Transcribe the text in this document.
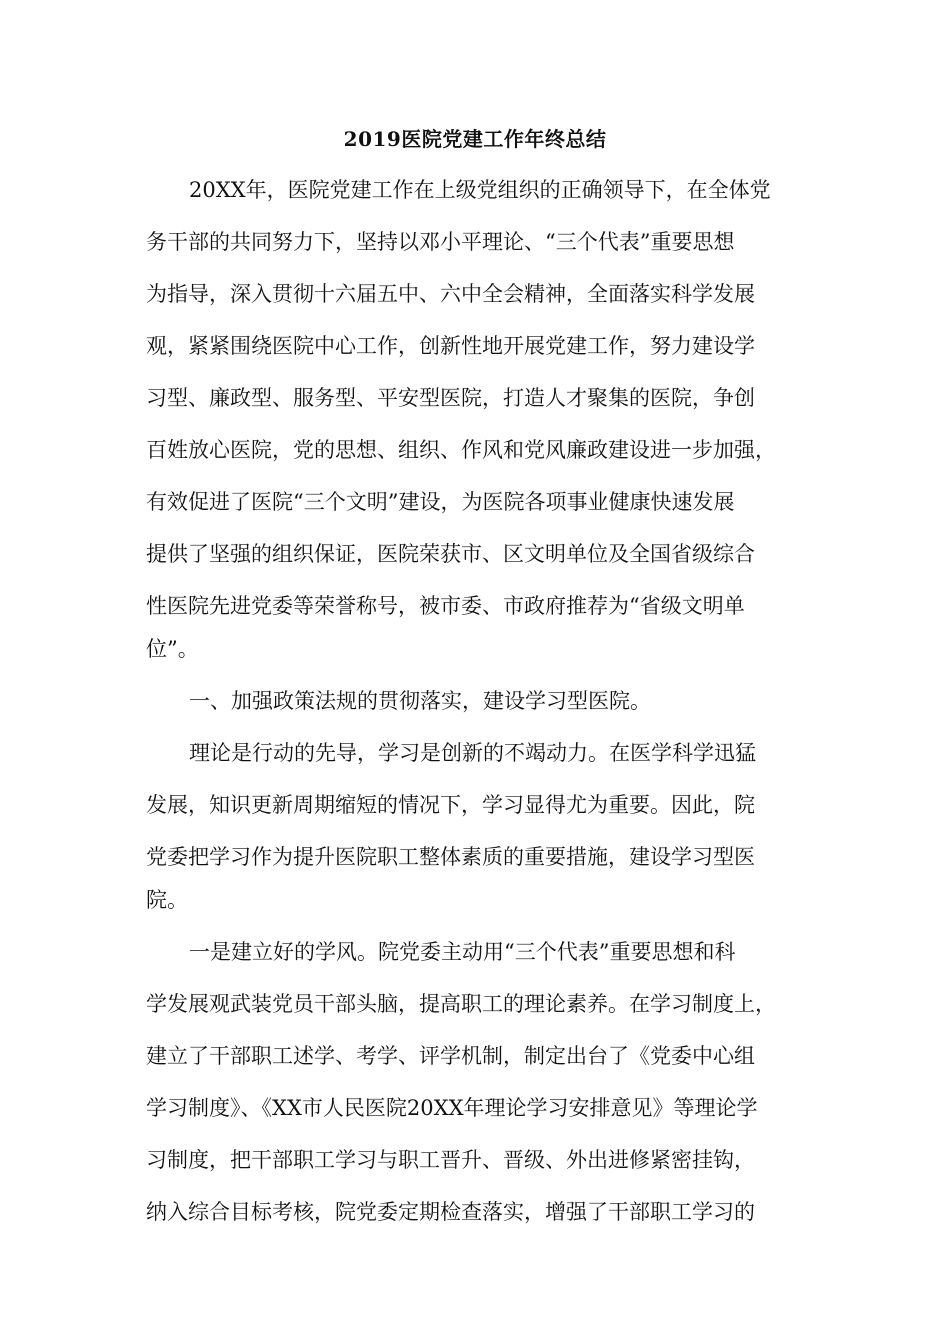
2019医院党建工作年终总结
20XX年，医院党建工作在上级党组织的正确领导下，在全体党
务干部的共同努力下，坚持以邓小平理论、“三个代表”重要思想
为指导，深入贯彻十六届五中、六中全会精神，全面落实科学发展
观，紧紧围绕医院中心工作，创新性地开展党建工作，努力建设学
习型、廉政型、服务型、平安型医院，打造人才聚集的医院，争创
百姓放心医院，党的思想、组织、作风和党风廉政建设进一步加强，
有效促进了医院“三个文明”建设，为医院各项事业健康快速发展
提供了坚强的组织保证，医院荣获市、区文明单位及全国省级综合
性医院先进党委等荣誉称号，被市委、市政府推荐为“省级文明单
位”。
一、加强政策法规的贯彻落实，建设学习型医院。
理论是行动的先导，学习是创新的不竭动力。在医学科学迅猛
发展，知识更新周期缩短的情况下，学习显得尤为重要。因此，院
党委把学习作为提升医院职工整体素质的重要措施，建设学习型医
院。
一是建立好的学风。院党委主动用“三个代表”重要思想和科
学发展观武装党员干部头脑，提高职工的理论素养。在学习制度上，
建立了干部职工述学、考学、评学机制，制定出台了《党委中心组
学习制度》、《XX市人民医院20XX年理论学习安排意见》等理论学
习制度，把干部职工学习与职工晋升、晋级、外出进修紧密挂钩，
纳入综合目标考核，院党委定期检查落实，增强了干部职工学习的
